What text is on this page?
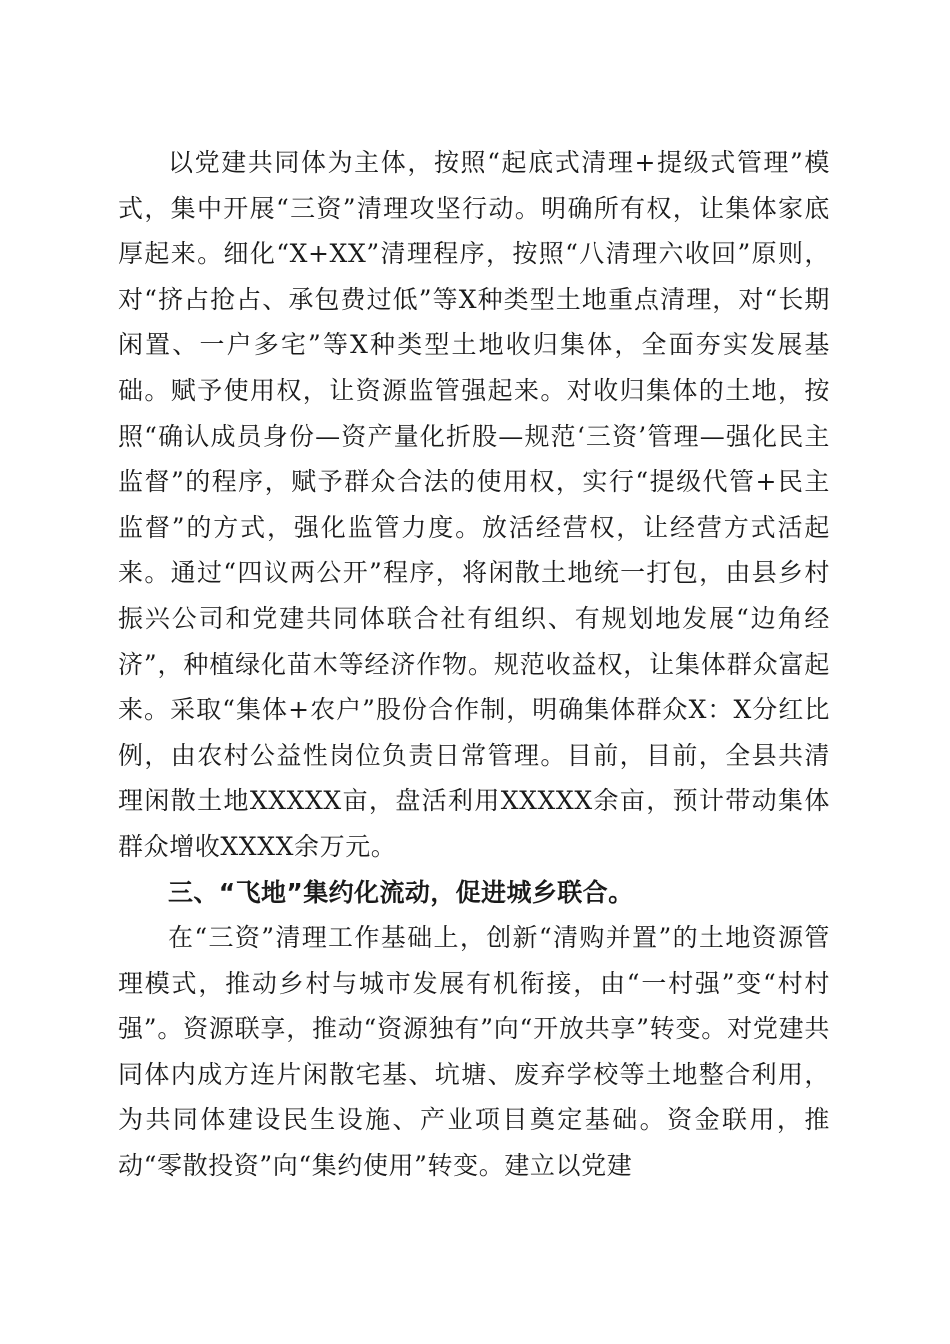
以党建共同体为主体，按照“起底式清理+提级式管理”模式，集中开展“三资”清理攻坚行动。明确所有权，让集体家底厚起来。细化“X+XX”清理程序，按照“八清理六收回”原则，对“挤占抢占、承包费过低”等X种类型土地重点清理，对“长期闲置、一户多宅”等X种类型土地收归集体，全面夯实发展基础。赋予使用权，让资源监管强起来。对收归集体的土地，按照“确认成员身份—资产量化折股—规范‘三资’管理—强化民主监督”的程序，赋予群众合法的使用权，实行“提级代管+民主监督”的方式，强化监管力度。放活经营权，让经营方式活起来。通过“四议两公开”程序，将闲散土地统一打包，由县乡村振兴公司和党建共同体联合社有组织、有规划地发展“边角经济”，种植绿化苗木等经济作物。规范收益权，让集体群众富起来。采取“集体+农户”股份合作制，明确集体群众X：X分红比例，由农村公益性岗位负责日常管理。目前，目前，全县共清理闲散土地XXXXX亩，盘活利用XXXXX余亩，预计带动集体群众增收XXXX余万元。

三、“飞地”集约化流动，促进城乡联合。

在“三资”清理工作基础上，创新“清购并置”的土地资源管理模式，推动乡村与城市发展有机衔接，由“一村强”变“村村强”。资源联享，推动“资源独有”向“开放共享”转变。对党建共同体内成方连片闲散宅基、坑塘、废弃学校等土地整合利用，为共同体建设民生设施、产业项目奠定基础。资金联用，推动“零散投资”向“集约使用”转变。建立以党建
